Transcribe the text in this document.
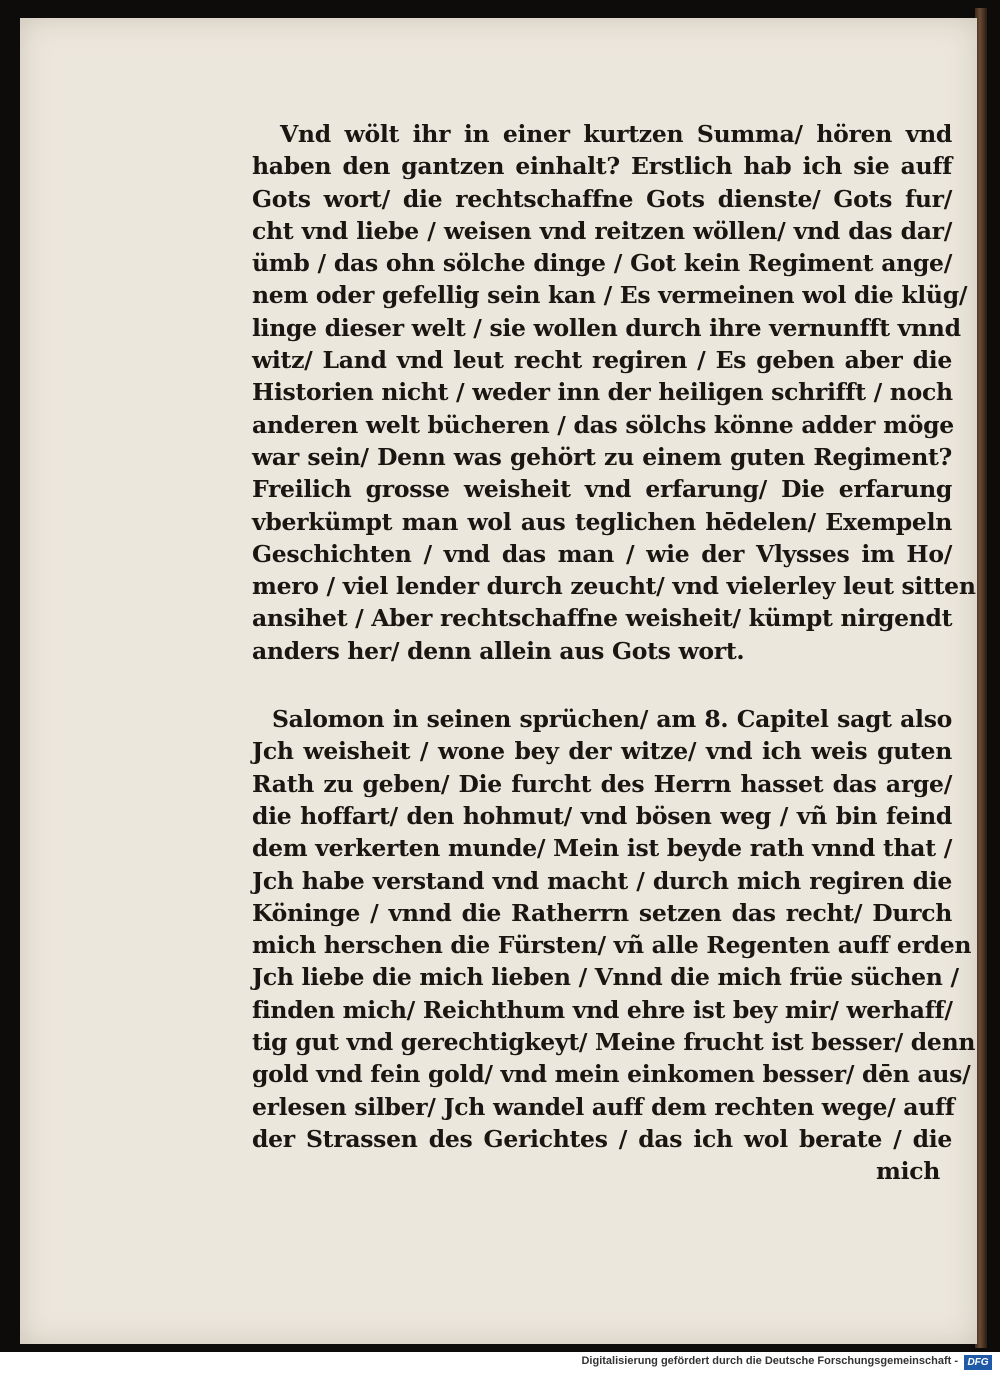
Vnd wölt ihr in einer kurtzen Summa/ hören vnd
haben den gantzen einhalt? Erstlich hab ich sie auff
Gots wort/ die rechtschaffne Gots dienste/ Gots fur/
cht vnd liebe / weisen vnd reitzen wöllen/ vnd das dar/
ümb / das ohn sölche dinge / Got kein Regiment ange/
nem oder gefellig sein kan / Es vermeinen wol die klüg/
linge dieser welt / sie wollen durch ihre vernunfft vnnd
witz/ Land vnd leut recht regiren / Es geben aber die
Historien nicht / weder inn der heiligen schrifft / noch
anderen welt bücheren / das sölchs könne adder möge
war sein/ Denn was gehört zu einem guten Regiment?
Freilich grosse weisheit vnd erfarung/ Die erfarung
vberkümpt man wol aus teglichen hēdelen/ Exempeln
Geschichten / vnd das man / wie der Vlysses im Ho/
mero / viel lender durch zeucht/ vnd vielerley leut sitten
ansihet / Aber rechtschaffne weisheit/ kümpt nirgendt
anders her/ denn allein aus Gots wort.
Salomon in seinen sprüchen/ am 8. Capitel sagt also
Jch weisheit / wone bey der witze/ vnd ich weis guten
Rath zu geben/ Die furcht des Herrn hasset das arge/
die hoffart/ den hohmut/ vnd bösen weg / vñ bin feind
dem verkerten munde/ Mein ist beyde rath vnnd that /
Jch habe verstand vnd macht / durch mich regiren die
Köninge / vnnd die Ratherrn setzen das recht/ Durch
mich herschen die Fürsten/ vñ alle Regenten auff erden
Jch liebe die mich lieben / Vnnd die mich früe süchen /
finden mich/ Reichthum vnd ehre ist bey mir/ werhaff/
tig gut vnd gerechtigkeyt/ Meine frucht ist besser/ denn
gold vnd fein gold/ vnd mein einkomen besser/ dēn aus/
erlesen silber/ Jch wandel auff dem rechten wege/ auff
der Strassen des Gerichtes / das ich wol berate / die
mich
Digitalisierung gefördert durch die Deutsche Forschungsgemeinschaft - DFG
